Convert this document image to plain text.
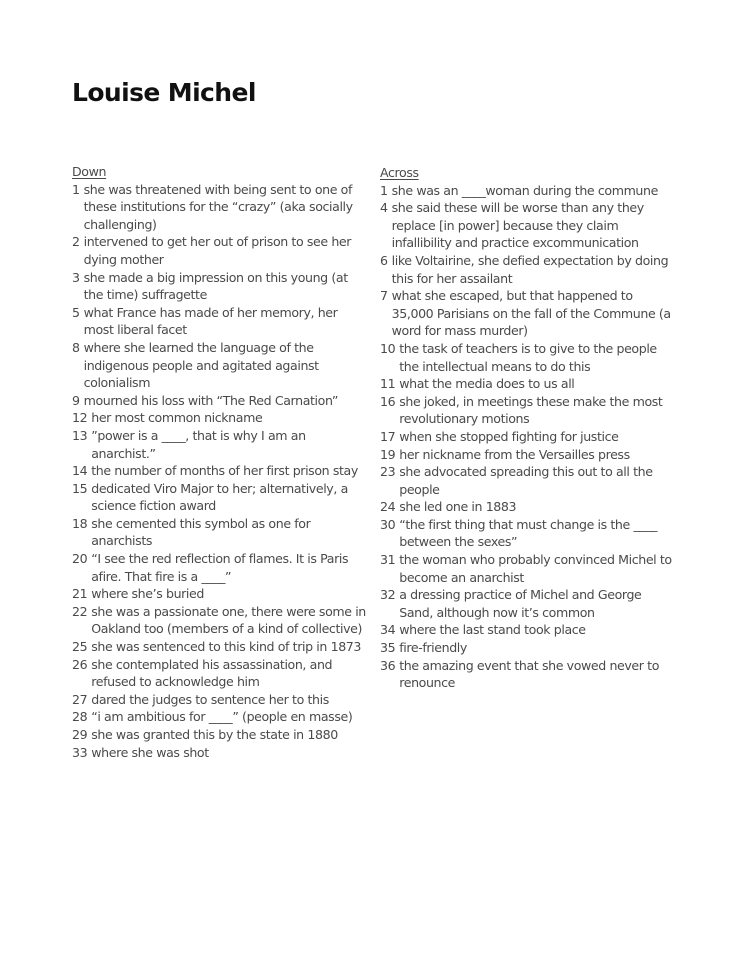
Louise Michel
Down
1 she was threatened with being sent to one of these institutions for the “crazy” (aka socially challenging)
2 intervened to get her out of prison to see her dying mother
3 she made a big impression on this young (at the time) suffragette
5 what France has made of her memory, her most liberal facet
8 where she learned the language of the indigenous people and agitated against colonialism
9 mourned his loss with “The Red Carnation”
12 her most common nickname
13 ”power is a ____, that is why I am an anarchist.”
14 the number of months of her first prison stay
15 dedicated Viro Major to her; alternatively, a science fiction award
18 she cemented this symbol as one for anarchists
20 “I see the red reflection of flames. It is Paris afire. That fire is a ____”
21 where she’s buried
22 she was a passionate one, there were some in Oakland too (members of a kind of collective)
25 she was sentenced to this kind of trip in 1873
26 she contemplated his assassination, and refused to acknowledge him
27 dared the judges to sentence her to this
28 “i am ambitious for ____” (people en masse)
29 she was granted this by the state in 1880
33 where she was shot
Across
1 she was an ____woman during the commune
4 she said these will be worse than any they replace [in power] because they claim infallibility and practice excommunication
6 like Voltairine, she defied expectation by doing this for her assailant
7 what she escaped, but that happened to 35,000 Parisians on the fall of the Commune (a word for mass murder)
10 the task of teachers is to give to the people the intellectual means to do this
11 what the media does to us all
16 she joked, in meetings these make the most revolutionary motions
17 when she stopped fighting for justice
19 her nickname from the Versailles press
23 she advocated spreading this out to all the people
24 she led one in 1883
30 “the first thing that must change is the ____ between the sexes”
31 the woman who probably convinced Michel to become an anarchist
32 a dressing practice of Michel and George Sand, although now it’s common
34 where the last stand took place
35 fire-friendly
36 the amazing event that she vowed never to renounce
